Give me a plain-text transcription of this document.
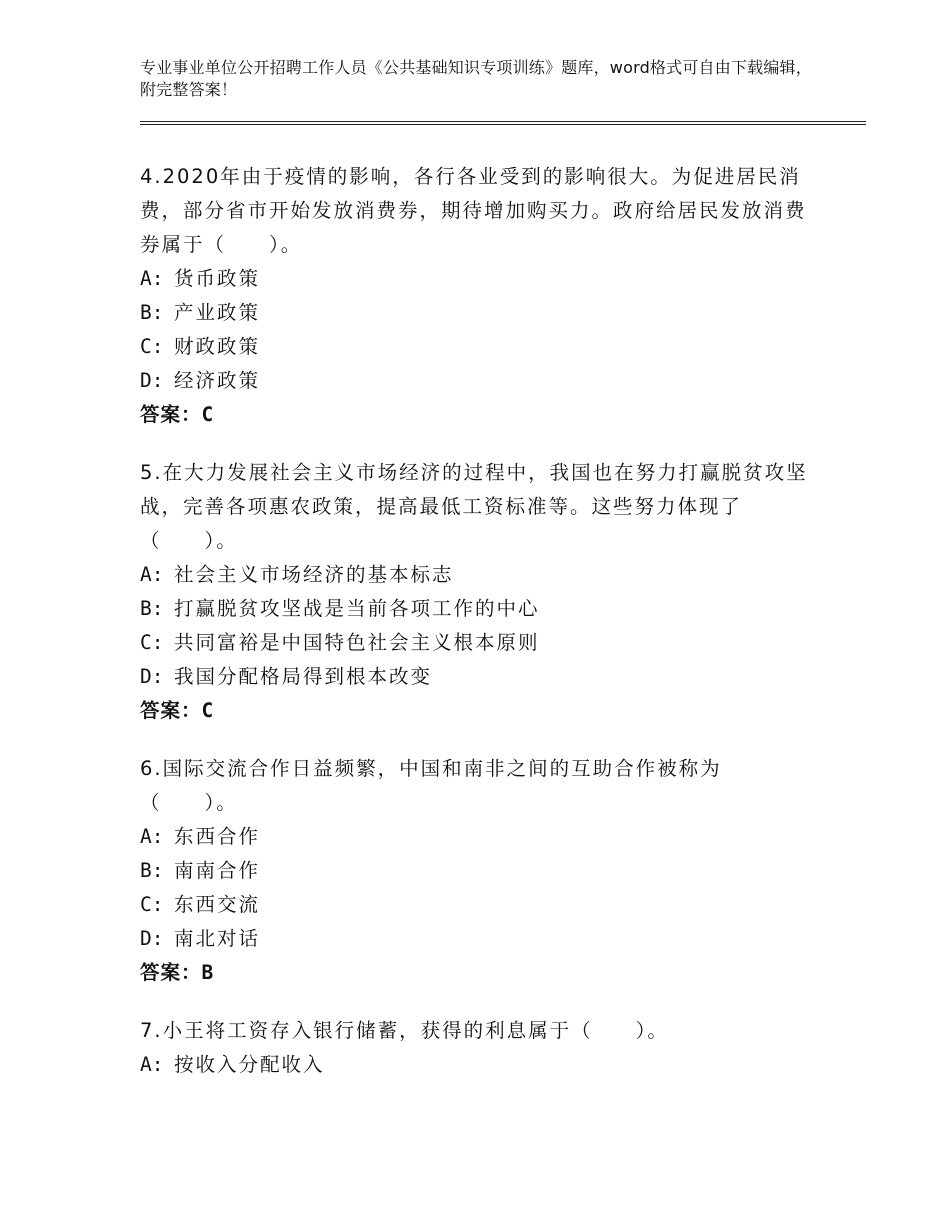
专业事业单位公开招聘工作人员《公共基础知识专项训练》题库，word格式可自由下载编辑，附完整答案！

4.2020年由于疫情的影响，各行各业受到的影响很大。为促进居民消费，部分省市开始发放消费券，期待增加购买力。政府给居民发放消费券属于（　　）。

A: 货币政策
B: 产业政策
C: 财政政策
D: 经济政策
答案：C

5.在大力发展社会主义市场经济的过程中，我国也在努力打赢脱贫攻坚战，完善各项惠农政策，提高最低工资标准等。这些努力体现了（　　）。

A: 社会主义市场经济的基本标志
B: 打赢脱贫攻坚战是当前各项工作的中心
C: 共同富裕是中国特色社会主义根本原则
D: 我国分配格局得到根本改变
答案：C

6.国际交流合作日益频繁，中国和南非之间的互助合作被称为（　　）。

A: 东西合作
B: 南南合作
C: 东西交流
D: 南北对话
答案：B

7.小王将工资存入银行储蓄，获得的利息属于（　　）。

A: 按收入分配收入
